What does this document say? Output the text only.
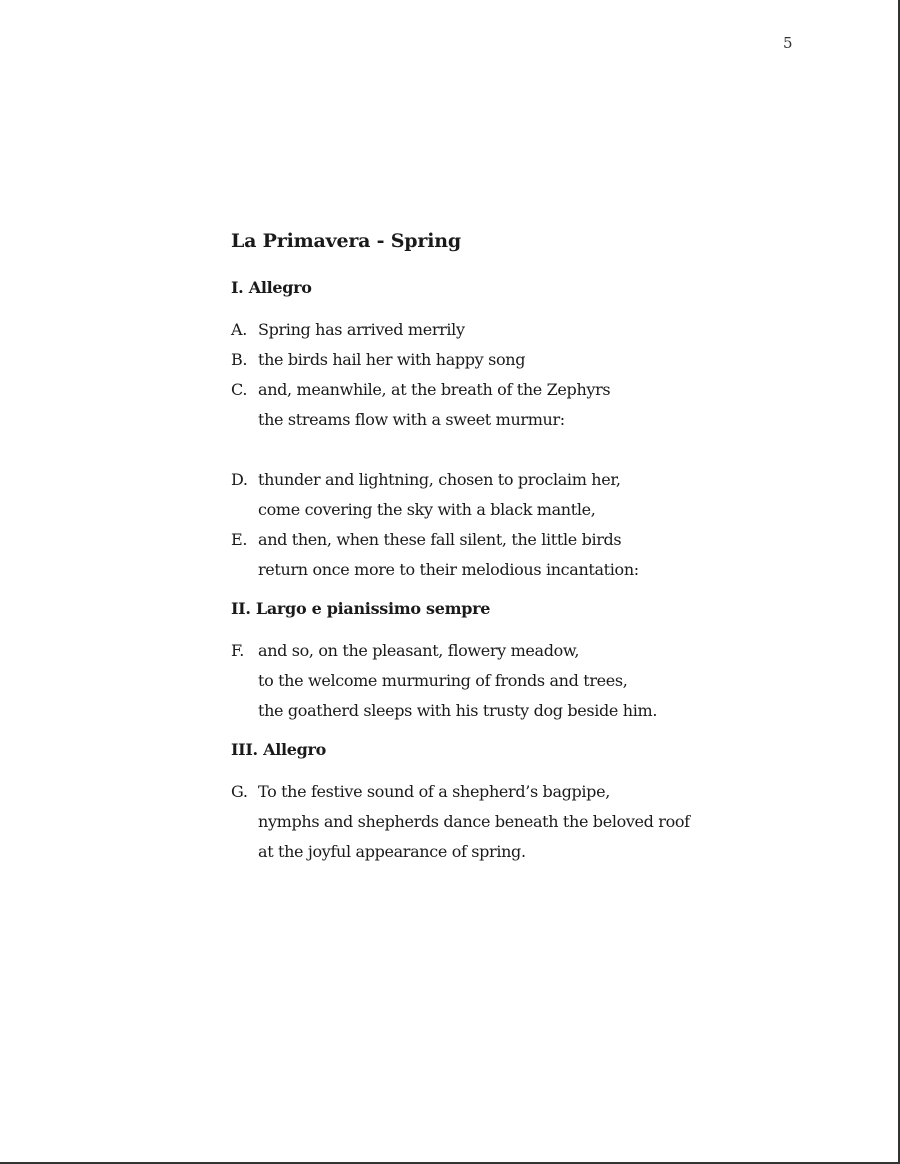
5
La Primavera - Spring
I. Allegro
A. Spring has arrived merrily
B. the birds hail her with happy song
C. and, meanwhile, at the breath of the Zephyrs
the streams flow with a sweet murmur:
D. thunder and lightning, chosen to proclaim her,
come covering the sky with a black mantle,
E. and then, when these fall silent, the little birds
return once more to their melodious incantation:
II. Largo e pianissimo sempre
F. and so, on the pleasant, flowery meadow,
to the welcome murmuring of fronds and trees,
the goatherd sleeps with his trusty dog beside him.
III. Allegro
G. To the festive sound of a shepherd’s bagpipe,
nymphs and shepherds dance beneath the beloved roof
at the joyful appearance of spring.
